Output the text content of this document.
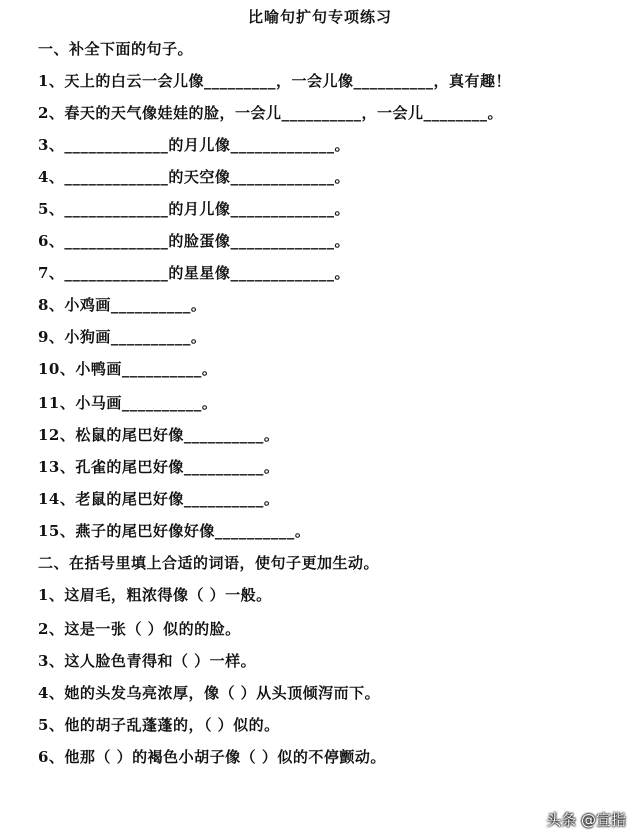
比喻句扩句专项练习
一、补全下面的句子。
1、天上的白云一会儿像_________，一会儿像__________，真有趣！
2、春天的天气像娃娃的脸，一会儿__________，一会儿________。
3、_____________的月儿像_____________。
4、_____________的天空像_____________。
5、_____________的月儿像_____________。
6、_____________的脸蛋像_____________。
7、_____________的星星像_____________。
8、小鸡画__________。
9、小狗画__________。
10、小鸭画__________。
11、小马画__________。
12、松鼠的尾巴好像__________。
13、孔雀的尾巴好像__________。
14、老鼠的尾巴好像__________。
15、燕子的尾巴好像好像__________。
二、在括号里填上合适的词语，使句子更加生动。
1、这眉毛，粗浓得像（ ）一般。
2、这是一张（ ）似的的脸。
3、这人脸色青得和（ ）一样。
4、她的头发乌亮浓厚，像（ ）从头顶倾泻而下。
5、他的胡子乱蓬蓬的，（ ）似的。
6、他那（ ）的褐色小胡子像（ ）似的不停颤动。
头条 @宣指
